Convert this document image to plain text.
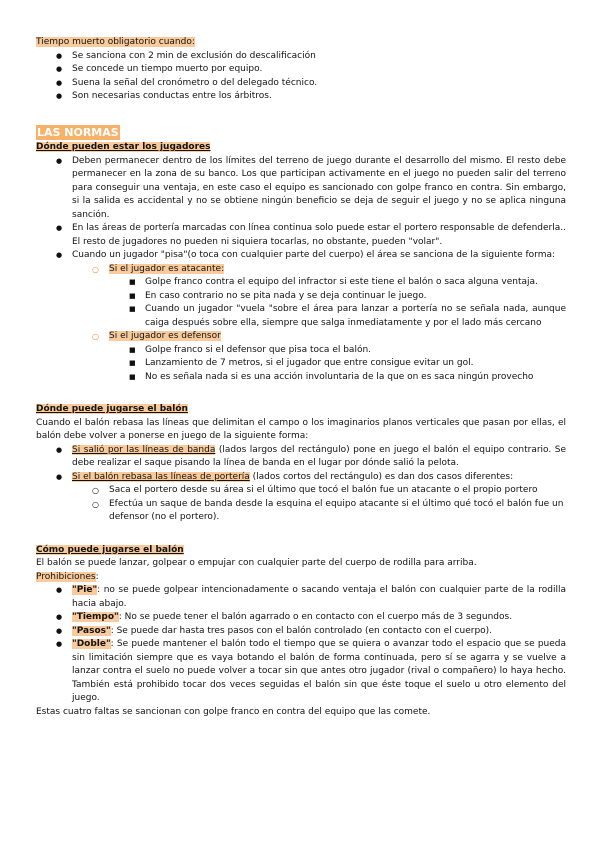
Tiempo muerto obligatorio cuando:

● Se sanciona con 2 min de exclusión do descalificación
● Se concede un tiempo muerto por equipo.
● Suena la señal del cronómetro o del delegado técnico.
● Son necesarias conductas entre los árbitros.
LAS NORMAS

Dónde pueden estar los jugadores

● Deben permanecer dentro de los límites del terreno de juego durante el desarrollo del mismo. El resto debe permanecer en la zona de su banco. Los que participan activamente en el juego no pueden salir del terreno para conseguir una ventaja, en este caso el equipo es sancionado con golpe franco en contra. Sin embargo, si la salida es accidental y no se obtiene ningún beneficio se deja de seguir el juego y no se aplica ninguna sanción.
● En las áreas de portería marcadas con línea continua solo puede estar el portero responsable de defenderla.. El resto de jugadores no pueden ni siquiera tocarlas, no obstante, pueden "volar".
● Cuando un jugador "pisa"(o toca con cualquier parte del cuerpo) el área se sanciona de la siguiente forma:
○ Si el jugador es atacante:
■ Golpe franco contra el equipo del infractor si este tiene el balón o saca alguna ventaja.
■ En caso contrario no se pita nada y se deja continuar le juego.
■ Cuando un jugador "vuela "sobre el área para lanzar a portería no se señala nada, aunque caiga después sobre ella, siempre que salga inmediatamente y por el lado más cercano
○ Si el jugador es defensor
■ Golpe franco si el defensor que pisa toca el balón.
■ Lanzamiento de 7 metros, si el jugador que entre consigue evitar un gol.
■ No es señala nada si es una acción involuntaria de la que on es saca ningún provecho

Dónde puede jugarse el balón

Cuando el balón rebasa las líneas que delimitan el campo o los imaginarios planos verticales que pasan por ellas, el balón debe volver a ponerse en juego de la siguiente forma:

● Si salió por las líneas de banda (lados largos del rectángulo) pone en juego el balón el equipo contrario. Se debe realizar el saque pisando la línea de banda en el lugar por dónde salió la pelota.
● Si el balón rebasa las líneas de portería (lados cortos del rectángulo) es dan dos casos diferentes:
○ Saca el portero desde su área si el último que tocó el balón fue un atacante o el propio portero
○ Efectúa un saque de banda desde la esquina el equipo atacante si el último qué tocó el balón fue un defensor (no el portero).

Cómo puede jugarse el balón

El balón se puede lanzar, golpear o empujar con cualquier parte del cuerpo de rodilla para arriba.

Prohibiciones:

● "Pie": no se puede golpear intencionadamente o sacando ventaja el balón con cualquier parte de la rodilla hacia abajo.
● "Tiempo": No se puede tener el balón agarrado o en contacto con el cuerpo más de 3 segundos.
● "Pasos": Se puede dar hasta tres pasos con el balón controlado (en contacto con el cuerpo).
● "Doble": Se puede mantener el balón todo el tiempo que se quiera o avanzar todo el espacio que se pueda sin limitación siempre que es vaya botando el balón de forma continuada, pero sí se agarra y se vuelve a lanzar contra el suelo no puede volver a tocar sin que antes otro jugador (rival o compañero) lo haya hecho. También está prohibido tocar dos veces seguidas el balón sin que éste toque el suelo u otro elemento del juego.

Estas cuatro faltas se sancionan con golpe franco en contra del equipo que las comete.
